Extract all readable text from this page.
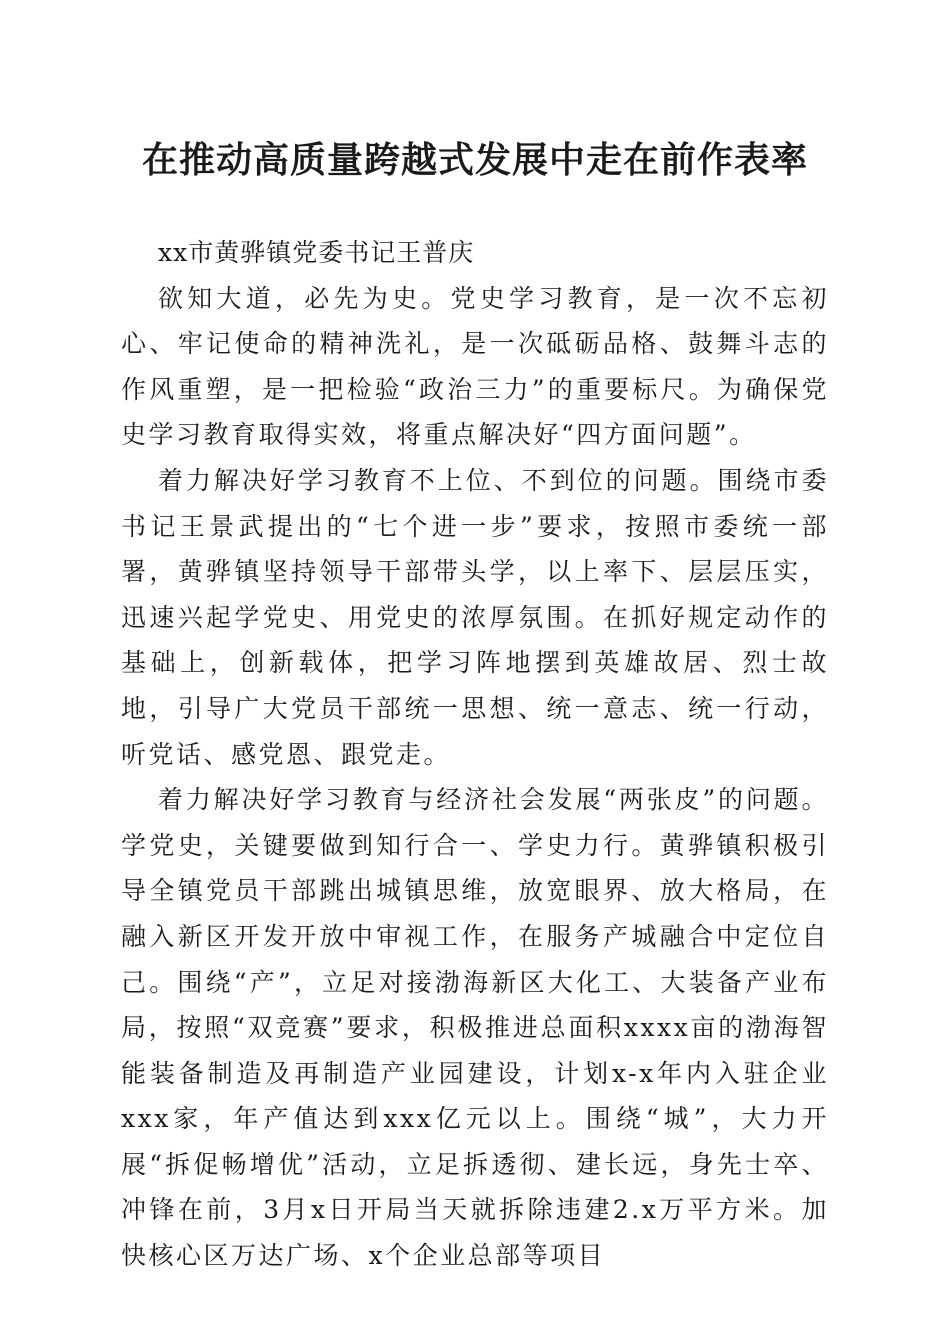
在推动高质量跨越式发展中走在前作表率

xx市黄骅镇党委书记王普庆

欲知大道，必先为史。党史学习教育，是一次不忘初心、牢记使命的精神洗礼，是一次砥砺品格、鼓舞斗志的作风重塑，是一把检验“政治三力”的重要标尺。为确保党史学习教育取得实效，将重点解决好“四方面问题”。

着力解决好学习教育不上位、不到位的问题。围绕市委书记王景武提出的“七个进一步”要求，按照市委统一部署，黄骅镇坚持领导干部带头学，以上率下、层层压实，迅速兴起学党史、用党史的浓厚氛围。在抓好规定动作的基础上，创新载体，把学习阵地摆到英雄故居、烈士故地，引导广大党员干部统一思想、统一意志、统一行动，听党话、感党恩、跟党走。

着力解决好学习教育与经济社会发展“两张皮”的问题。学党史，关键要做到知行合一、学史力行。黄骅镇积极引导全镇党员干部跳出城镇思维，放宽眼界、放大格局，在融入新区开发开放中审视工作，在服务产城融合中定位自己。围绕“产”，立足对接渤海新区大化工、大装备产业布局，按照“双竞赛”要求，积极推进总面积xxxx亩的渤海智能装备制造及再制造产业园建设，计划x-x年内入驻企业xxx家，年产值达到xxx亿元以上。围绕“城”，大力开展“拆促畅增优”活动，立足拆透彻、建长远，身先士卒、冲锋在前，3月x日开局当天就拆除违建2.x万平方米。加快核心区万达广场、x个企业总部等项目
